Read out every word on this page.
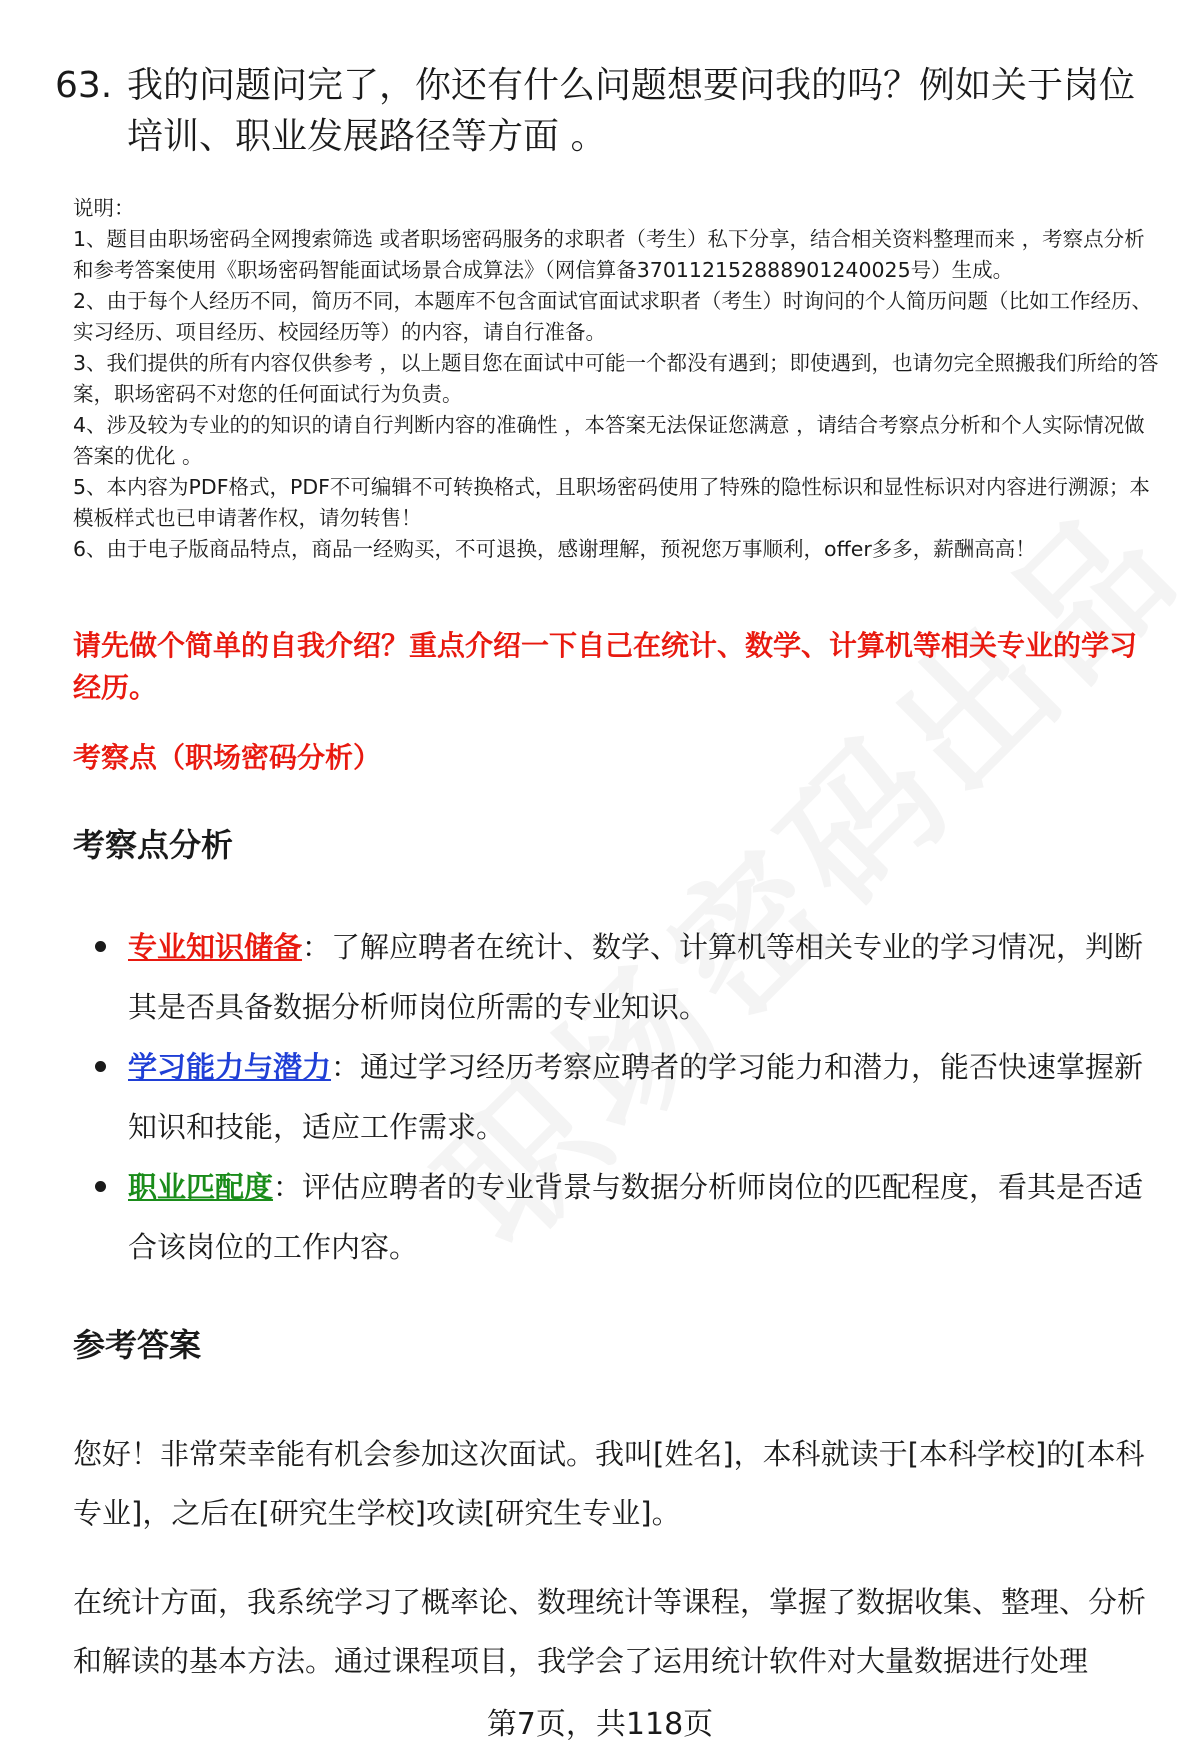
63. 我的问题问完了，你还有什么问题想要问我的吗？例如关于岗位培训、职业发展路径等方面 。
说明：
1、题目由职场密码全网搜索筛选 或者职场密码服务的求职者（考生）私下分享，结合相关资料整理而来 ，考察点分析和参考答案使用《职场密码智能面试场景合成算法》（网信算备370112152888901240025号）生成。
2、由于每个人经历不同，简历不同，本题库不包含面试官面试求职者（考生）时询问的个人简历问题（比如工作经历、实习经历、项目经历、校园经历等）的内容，请自行准备。
3、我们提供的所有内容仅供参考 ，以上题目您在面试中可能一个都没有遇到；即使遇到，也请勿完全照搬我们所给的答案，职场密码不对您的任何面试行为负责。
4、涉及较为专业的的知识的请自行判断内容的准确性 ，本答案无法保证您满意 ，请结合考察点分析和个人实际情况做答案的优化 。
5、本内容为PDF格式，PDF不可编辑不可转换格式，且职场密码使用了特殊的隐性标识和显性标识对内容进行溯源；本模板样式也已申请著作权，请勿转售！
6、由于电子版商品特点，商品一经购买，不可退换，感谢理解，预祝您万事顺利，offer多多，薪酬高高！
请先做个简单的自我介绍？重点介绍一下自己在统计、数学、计算机等相关专业的学习经历。
考察点（职场密码分析）
考察点分析
专业知识储备：了解应聘者在统计、数学、计算机等相关专业的学习情况，判断其是否具备数据分析师岗位所需的专业知识。
学习能力与潜力：通过学习经历考察应聘者的学习能力和潜力，能否快速掌握新知识和技能，适应工作需求。
职业匹配度：评估应聘者的专业背景与数据分析师岗位的匹配程度，看其是否适合该岗位的工作内容。
参考答案
您好！非常荣幸能有机会参加这次面试。我叫[姓名]，本科就读于[本科学校]的[本科专业]，之后在[研究生学校]攻读[研究生专业]。
在统计方面，我系统学习了概率论、数理统计等课程，掌握了数据收集、整理、分析和解读的基本方法。通过课程项目，我学会了运用统计软件对大量数据进行处理
第7页，共118页
